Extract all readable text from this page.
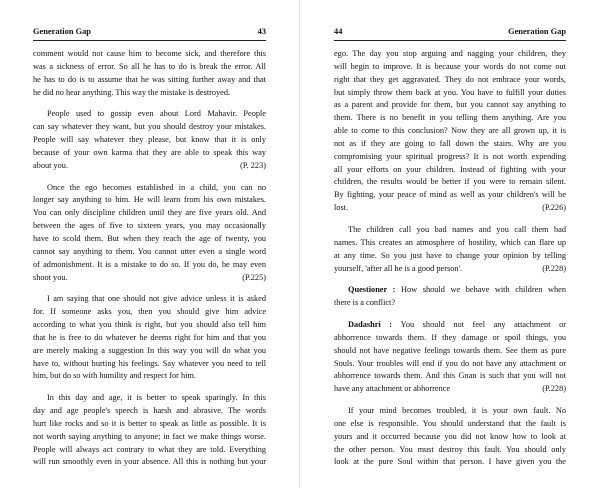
Generation Gap	43
comment would not cause him to become sick, and therefore this
was a sickness of error. So all he has to do is break the error. All
he has to do is to assume that he was sitting further away and that
he did no hear anything. This way the mistake is destroyed.
People used to gossip even about Lord Mahavir. People
can say whatever they want, but you should destroy your mistakes.
People will say whatever they please, but know that it is only
because of your own karma that they are able to speak this way
about you.	(P. 223)
Once the ego becomes established in a child, you can no
longer say anything to him. He will learn from his own mistakes.
You can only discipline children until they are five years old. And
between the ages of five to sixteen years, you may occasionally
have to scold them. But when they reach the age of twenty, you
cannot say anything to them. You cannot utter even a single word
of admonishment. It is a mistake to do so. If you do, he may even
shoot you.	(P.225)
I am saying that one should not give advice unless it is asked
for. If someone asks you, then you should give him advice
according to what you think is right, but you should also tell him
that he is free to do whatever he deems right for him and that you
are merely making a suggestion In this way you will do what you
have to, without hurting his feelings. Say whatever you need to tell
him, but do so with humility and respect for him.
In this day and age, it is better to speak sparingly. In this
day and age people's speech is harsh and abrasive. The words
hurt like rocks and so it is better to speak as little as possible. It is
not worth saying anything to anyone; in fact we make things worse.
People will always act contrary to what they are told. Everything
will run smoothly even in your absence. All this is nothing but your
44	Generation Gap
ego. The day you stop arguing and nagging your children, they
will begin to improve. It is because your words do not come out
right that they get aggravated. They do not embrace your words,
but simply throw them back at you. You have to fulfill your duties
as a parent and provide for them, but you cannot say anything to
them. There is no benefit in you telling them anything. Are you
able to come to this conclusion? Now they are all grown up, it is
not as if they are going to fall down the stairs. Why are you
compromising your spiritual progress? It is not worth expending
all your efforts on your children. Instead of fighting with your
children, the results would be better if you were to remain silent.
By fighting, your peace of mind as well as your children's will be
lost.	(P.226)
The children call you bad names and you call them bad
names. This creates an atmosphere of hostility, which can flare up
at any time. So you just have to change your opinion by telling
yourself, 'after all he is a good person'.	(P.228)
Questioner : How should we behave with children when
there is a conflict?
Dadashri : You should not feel any attachment or
abhorrence towards them. If they damage or spoil things, you
should not have negative feelings towards them. See them as pure
Souls. Your troubles will end if you do not have any attachment or
abhorrence towards them. And this Gnan is such that you will not
have any attachment or abhorrence	(P.228)
If your mind becomes troubled, it is your own fault. No
one else is responsible. You should understand that the fault is
yours and it occurred because you did not know how to look at
the other person. You must destroy this fault. You should only
look at the pure Soul within that person. I have given you the
